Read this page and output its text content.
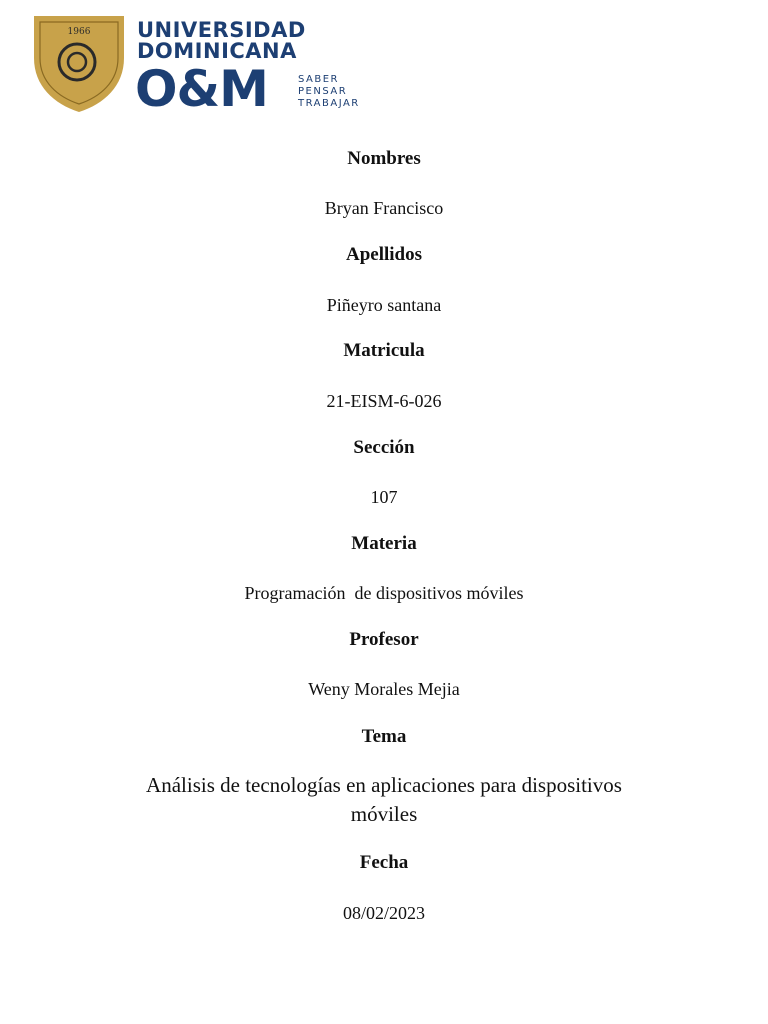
1966 UNIVERSIDAD
DOMINICANA
O&M	SABER
PENSAR
TRABAJAR
Nombres
Bryan Francisco
Apellidos
Piñeyro santana
Matricula
21-EISM-6-026
Sección
107
Materia
Programación  de dispositivos móviles
Profesor
Weny Morales Mejia
Tema
Análisis de tecnologías en aplicaciones para dispositivos
móviles
Fecha
08/02/2023
